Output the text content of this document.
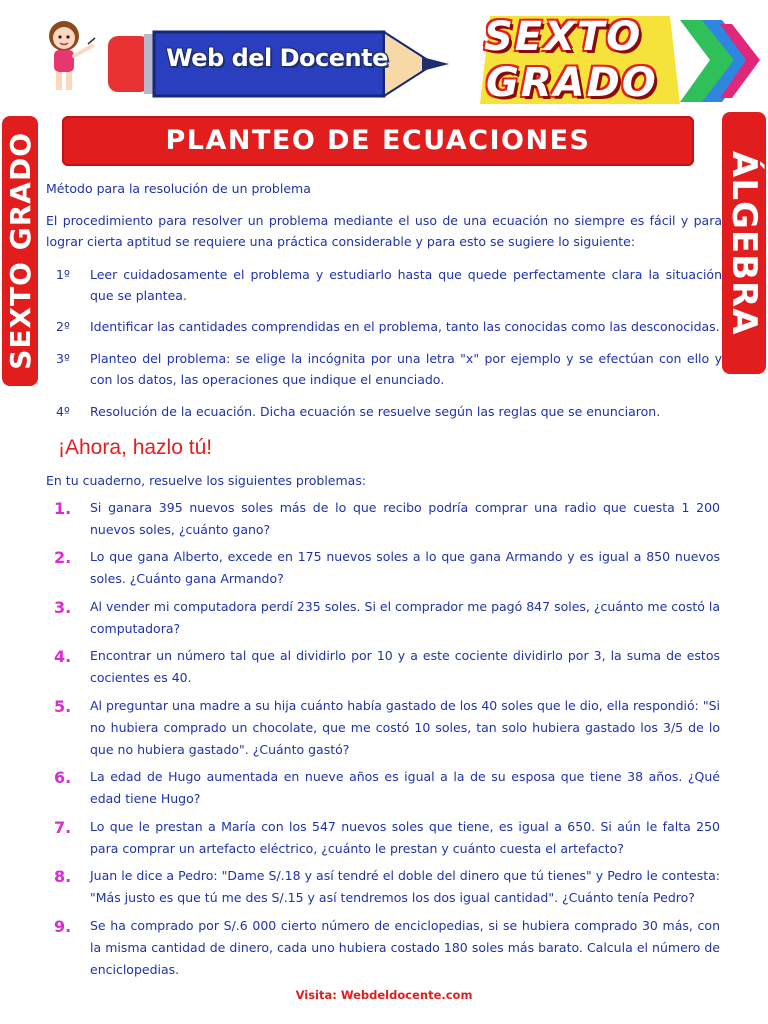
Web del Docente SEXTO
GRADO
PLANTEO DE ECUACIONES
SEXTO GRADO	ÁLGEBRA
Método para la resolución de un problema
El procedimiento para resolver un problema mediante el uso de una ecuación no siempre es fácil y para lograr cierta aptitud se requiere una práctica considerable y para esto se sugiere lo siguiente:
1º	Leer cuidadosamente el problema y estudiarlo hasta que quede perfectamente clara la situación que se plantea.
2º	Identificar las cantidades comprendidas en el problema, tanto las conocidas como las desconocidas.
3º	Planteo del problema: se elige la incógnita por una letra "x" por ejemplo y se efectúan con ello y con los datos, las operaciones que indique el enunciado.
4º	Resolución de la ecuación. Dicha ecuación se resuelve según las reglas que se enunciaron.
¡Ahora, hazlo tú!
En tu cuaderno, resuelve los siguientes problemas:
1.	Si ganara 395 nuevos soles más de lo que recibo podría comprar una radio que cuesta 1 200 nuevos soles, ¿cuánto gano?
2.	Lo que gana Alberto, excede en 175 nuevos soles a lo que gana Armando y es igual a 850 nuevos soles. ¿Cuánto gana Armando?
3.	Al vender mi computadora perdí 235 soles. Si el comprador me pagó 847 soles, ¿cuánto me costó la computadora?
4.	Encontrar un número tal que al dividirlo por 10 y a este cociente dividirlo por 3, la suma de estos cocientes es 40.
5.	Al preguntar una madre a su hija cuánto había gastado de los 40 soles que le dio, ella respondió: "Si no hubiera comprado un chocolate, que me costó 10 soles, tan solo hubiera gastado los 3/5 de lo que no hubiera gastado". ¿Cuánto gastó?
6.	La edad de Hugo aumentada en nueve años es igual a la de su esposa que tiene 38 años. ¿Qué edad tiene Hugo?
7.	Lo que le prestan a María con los 547 nuevos soles que tiene, es igual a 650. Si aún le falta 250 para comprar un artefacto eléctrico, ¿cuánto le prestan y cuánto cuesta el artefacto?
8.	Juan le dice a Pedro: "Dame S/.18 y así tendré el doble del dinero que tú tienes" y Pedro le contesta: "Más justo es que tú me des S/.15 y así tendremos los dos igual cantidad". ¿Cuánto tenía Pedro?
9.	Se ha comprado por S/.6 000 cierto número de enciclopedias, si se hubiera comprado 30 más, con la misma cantidad de dinero, cada uno hubiera costado 180 soles más barato. Calcula el número de enciclopedias.
Visita: Webdeldocente.com
